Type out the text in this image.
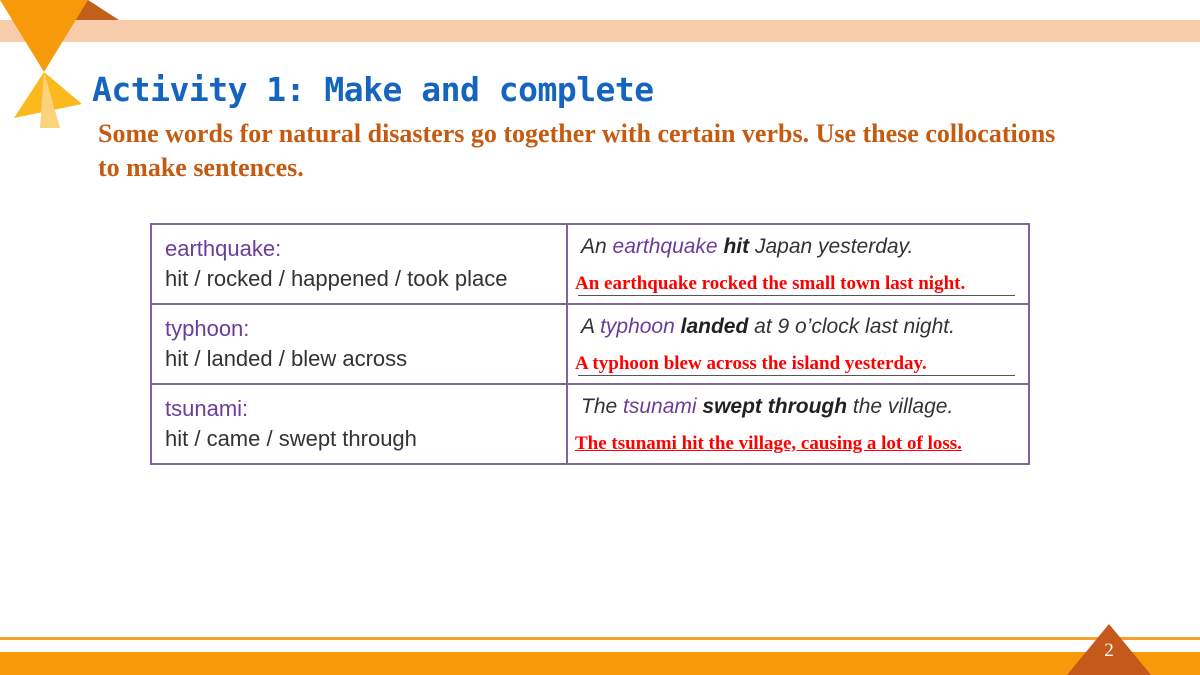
Activity 1: Make and complete
Some words for natural disasters go together with certain verbs. Use these collocations to make sentences.
earthquake:
hit / rocked / happened / took place	An earthquake hit Japan yesterday.
An earthquake rocked the small town last night.

typhoon:
hit / landed / blew across	A typhoon landed at 9 o’clock last night.
A typhoon blew across the island yesterday.

tsunami:
hit / came / swept through	The tsunami swept through the village.
The tsunami hit the village, causing a lot of loss.
2
